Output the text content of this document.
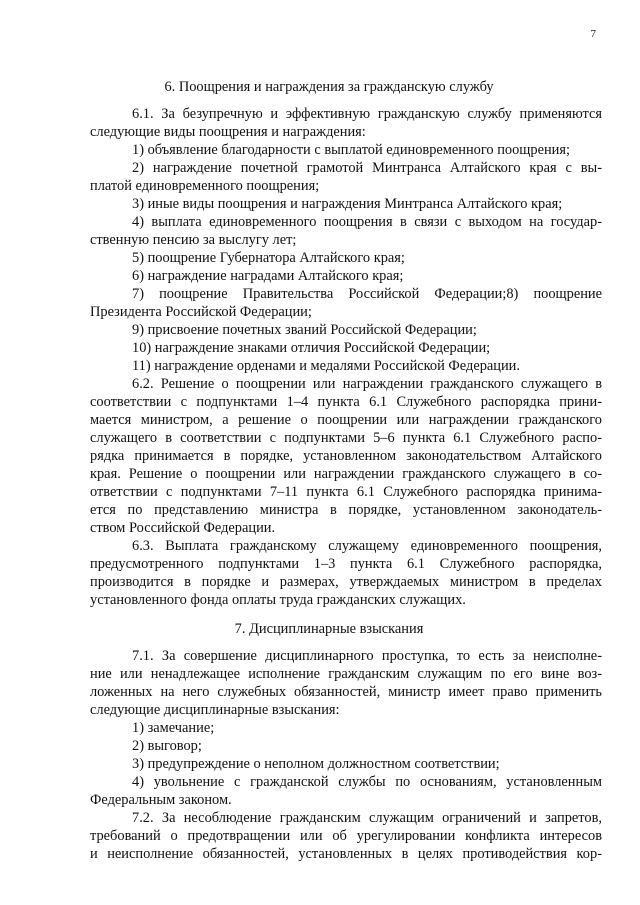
7
6. Поощрения и награждения за гражданскую службу
6.1. За безупречную и эффективную гражданскую службу применяются
следующие виды поощрения и награждения:
1) объявление благодарности с выплатой единовременного поощрения;
2) награждение почетной грамотой Минтранса Алтайского края с вы-
платой единовременного поощрения;
3) иные виды поощрения и награждения Минтранса Алтайского края;
4) выплата единовременного поощрения в связи с выходом на государ-
ственную пенсию за выслугу лет;
5) поощрение Губернатора Алтайского края;
6) награждение наградами Алтайского края;
7) поощрение Правительства Российской Федерации;8) поощрение
Президента Российской Федерации;
9) присвоение почетных званий Российской Федерации;
10) награждение знаками отличия Российской Федерации;
11) награждение орденами и медалями Российской Федерации.
6.2. Решение о поощрении или награждении гражданского служащего в
соответствии с подпунктами 1–4 пункта 6.1 Служебного распорядка прини-
мается министром, а решение о поощрении или награждении гражданского
служащего в соответствии с подпунктами 5–6 пункта 6.1 Служебного распо-
рядка принимается в порядке, установленном законодательством Алтайского
края. Решение о поощрении или награждении гражданского служащего в со-
ответствии с подпунктами 7–11 пункта 6.1 Служебного распорядка принима-
ется по представлению министра в порядке, установленном законодатель-
ством Российской Федерации.
6.3. Выплата гражданскому служащему единовременного поощрения,
предусмотренного подпунктами 1–3 пункта 6.1 Служебного распорядка,
производится в порядке и размерах, утверждаемых министром в пределах
установленного фонда оплаты труда гражданских служащих.
7. Дисциплинарные взыскания
7.1. За совершение дисциплинарного проступка, то есть за неисполне-
ние или ненадлежащее исполнение гражданским служащим по его вине воз-
ложенных на него служебных обязанностей, министр имеет право применить
следующие дисциплинарные взыскания:
1) замечание;
2) выговор;
3) предупреждение о неполном должностном соответствии;
4) увольнение с гражданской службы по основаниям, установленным
Федеральным законом.
7.2. За несоблюдение гражданским служащим ограничений и запретов,
требований о предотвращении или об урегулировании конфликта интересов
и неисполнение обязанностей, установленных в целях противодействия кор-
